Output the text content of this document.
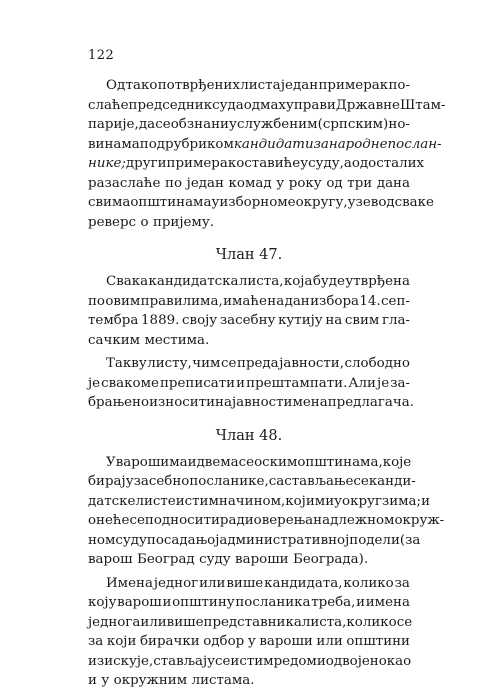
122
Од тако потврђених листа један примерак по-
слаће председник суда одмах управи Државне Штам-
парије, да се обзнани у службеним (српским) но-
винама под рубриком кандидати за народне послан-
нике; други примерак оставиће у суду, а од осталих
разаслаће по један комад у року од три дана
свима општинама у изборноме округу, узев од сваке
реверс о пријему.
Члан 47.
Свака кандидатска листа, која буде утврђена
по овим правилима, имаће на дан избора 14. сеп-
тембра 1889. своју засебну кутију на свим гла-
сачким местима.
Такву листу, чим се преда јавности, слободно
је свакоме преписати и прештампати. Али је за-
брањено износити на јавност имена предлагача.
Члан 48.
У варошима и двема сеоским општинама, које
бирају засебно посланике, састављање се канди-
датске листе истим начином, којим и у округзима; и
оне ће се подносити ради оверења надлежном окруж-
ном суду по садањој административној подели (за
варош Београд суду вароши Београда).
Имена једног или више кандидата, колико за
коју варош и општину посланика треба, и имена
једнога или више представника листа, колико се
за који бирачки одбор у вароши или општини
изискује, стављају се истим редом и одвојено као
и у окружним листама.
